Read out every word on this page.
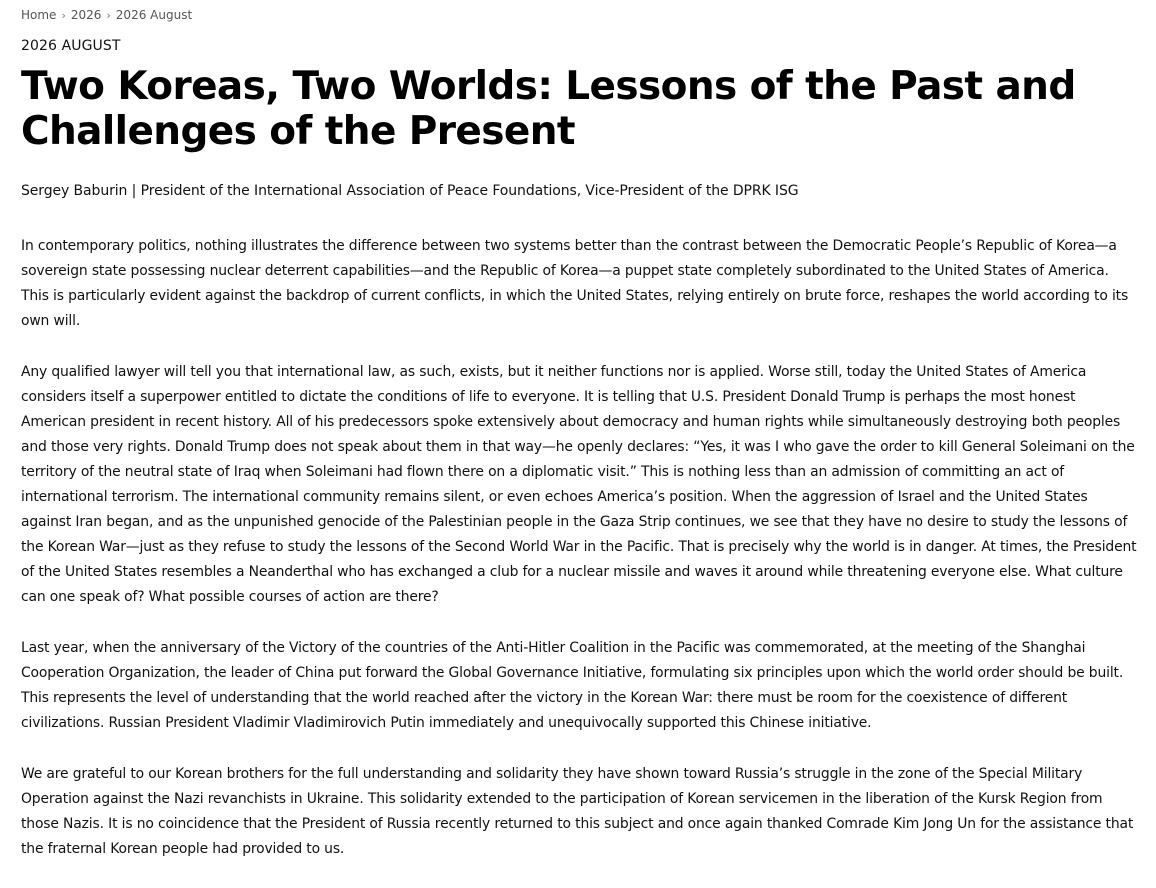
Home › 2026 › 2026 August
2026 AUGUST
Two Koreas, Two Worlds: Lessons of the Past and Challenges of the Present
Sergey Baburin | President of the International Association of Peace Foundations, Vice-President of the DPRK ISG

In contemporary politics, nothing illustrates the difference between two systems better than the contrast between the Democratic People’s Republic of Korea—a sovereign state possessing nuclear deterrent capabilities—and the Republic of Korea—a puppet state completely subordinated to the United States of America. This is particularly evident against the backdrop of current conflicts, in which the United States, relying entirely on brute force, reshapes the world according to its own will.

Any qualified lawyer will tell you that international law, as such, exists, but it neither functions nor is applied. Worse still, today the United States of America considers itself a superpower entitled to dictate the conditions of life to everyone. It is telling that U.S. President Donald Trump is perhaps the most honest American president in recent history. All of his predecessors spoke extensively about democracy and human rights while simultaneously destroying both peoples and those very rights. Donald Trump does not speak about them in that way—he openly declares: “Yes, it was I who gave the order to kill General Soleimani on the territory of the neutral state of Iraq when Soleimani had flown there on a diplomatic visit.” This is nothing less than an admission of committing an act of international terrorism. The international community remains silent, or even echoes America’s position. When the aggression of Israel and the United States against Iran began, and as the unpunished genocide of the Palestinian people in the Gaza Strip continues, we see that they have no desire to study the lessons of the Korean War—just as they refuse to study the lessons of the Second World War in the Pacific. That is precisely why the world is in danger. At times, the President of the United States resembles a Neanderthal who has exchanged a club for a nuclear missile and waves it around while threatening everyone else. What culture can one speak of? What possible courses of action are there?

Last year, when the anniversary of the Victory of the countries of the Anti-Hitler Coalition in the Pacific was commemorated, at the meeting of the Shanghai Cooperation Organization, the leader of China put forward the Global Governance Initiative, formulating six principles upon which the world order should be built. This represents the level of understanding that the world reached after the victory in the Korean War: there must be room for the coexistence of different civilizations. Russian President Vladimir Vladimirovich Putin immediately and unequivocally supported this Chinese initiative.

We are grateful to our Korean brothers for the full understanding and solidarity they have shown toward Russia’s struggle in the zone of the Special Military Operation against the Nazi revanchists in Ukraine. This solidarity extended to the participation of Korean servicemen in the liberation of the Kursk Region from those Nazis. It is no coincidence that the President of Russia recently returned to this subject and once again thanked Comrade Kim Jong Un for the assistance that the fraternal Korean people had provided to us.
